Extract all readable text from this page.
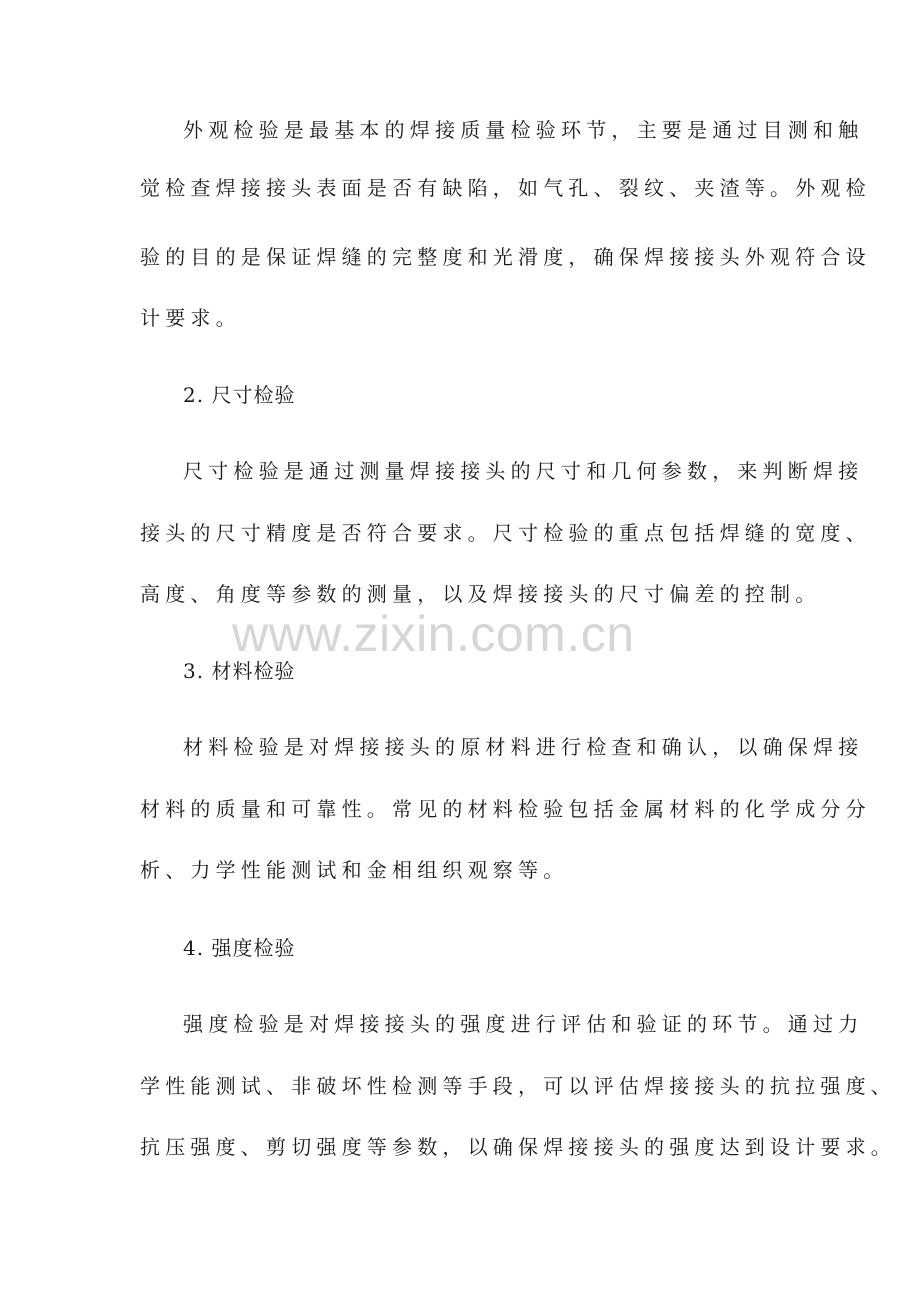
外观检验是最基本的焊接质量检验环节，主要是通过目测和触
觉检查焊接接头表面是否有缺陷，如气孔、裂纹、夹渣等。外观检
验的目的是保证焊缝的完整度和光滑度，确保焊接接头外观符合设
计要求。
2. 尺寸检验
尺寸检验是通过测量焊接接头的尺寸和几何参数，来判断焊接
接头的尺寸精度是否符合要求。尺寸检验的重点包括焊缝的宽度、
高度、角度等参数的测量，以及焊接接头的尺寸偏差的控制。
3. 材料检验
材料检验是对焊接接头的原材料进行检查和确认，以确保焊接
材料的质量和可靠性。常见的材料检验包括金属材料的化学成分分
析、力学性能测试和金相组织观察等。
4. 强度检验
强度检验是对焊接接头的强度进行评估和验证的环节。通过力
学性能测试、非破坏性检测等手段，可以评估焊接接头的抗拉强度、
抗压强度、剪切强度等参数，以确保焊接接头的强度达到设计要求。
www.zixin.com.cn
